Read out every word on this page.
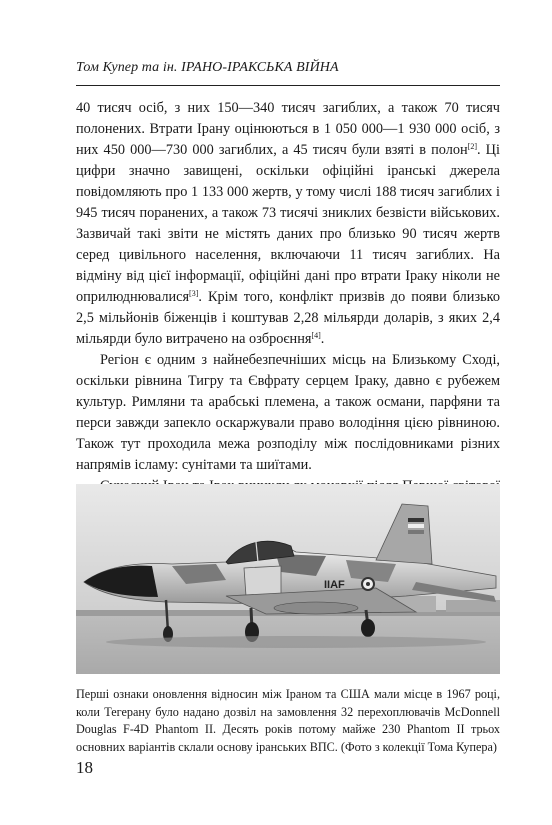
Том Купер та ін. ІРАНО-ІРАКСЬКА ВІЙНА

40 тисяч осіб, з них 150—340 тисяч загиблих, а також 70 тисяч полонених. Втрати Ірану оцінюються в 1 050 000—1 930 000 осіб, з них 450 000—730 000 загиблих, а 45 тисяч були взяті в полон[2]. Ці цифри значно завищені, оскільки офіційні іранські джерела повідомляють про 1 133 000 жертв, у тому числі 188 тисяч загиблих і 945 тисяч поранених, а також 73 тисячі зниклих безвісти військових. Зазвичай такі звіти не містять даних про близько 90 тисяч жертв серед цивільного населення, включаючи 11 тисяч загиблих. На відміну від цієї інформації, офіційні дані про втрати Іраку ніколи не оприлюднювалися[3]. Крім того, конфлікт призвів до появи близько 2,5 мільйонів біженців і коштував 2,28 мільярди доларів, з яких 2,4 мільярди було витрачено на озброєння[4].

Регіон є одним з найнебезпечніших місць на Близькому Сході, оскільки рівнина Тигру та Євфрату серцем Іраку, давно є рубежем культур. Римляни та арабські племена, а також османи, парфяни та перси завжди запекло оскаржували право володіння цією рівниною. Також тут проходила межа розподілу між послідовниками різних напрямів ісламу: сунітами та шиїтами.

IIAF
Перші ознаки оновлення відносин між Іраном та США мали місце в 1967 році, коли Тегерану було надано дозвіл на замовлення 32 перехоплювачів McDonnell Douglas F-4D Phantom II. Десять років потому майже 230 Phantom II трьох основних варіантів склали основу іранських ВПС. (Фото з колекції Тома Купера)
18
